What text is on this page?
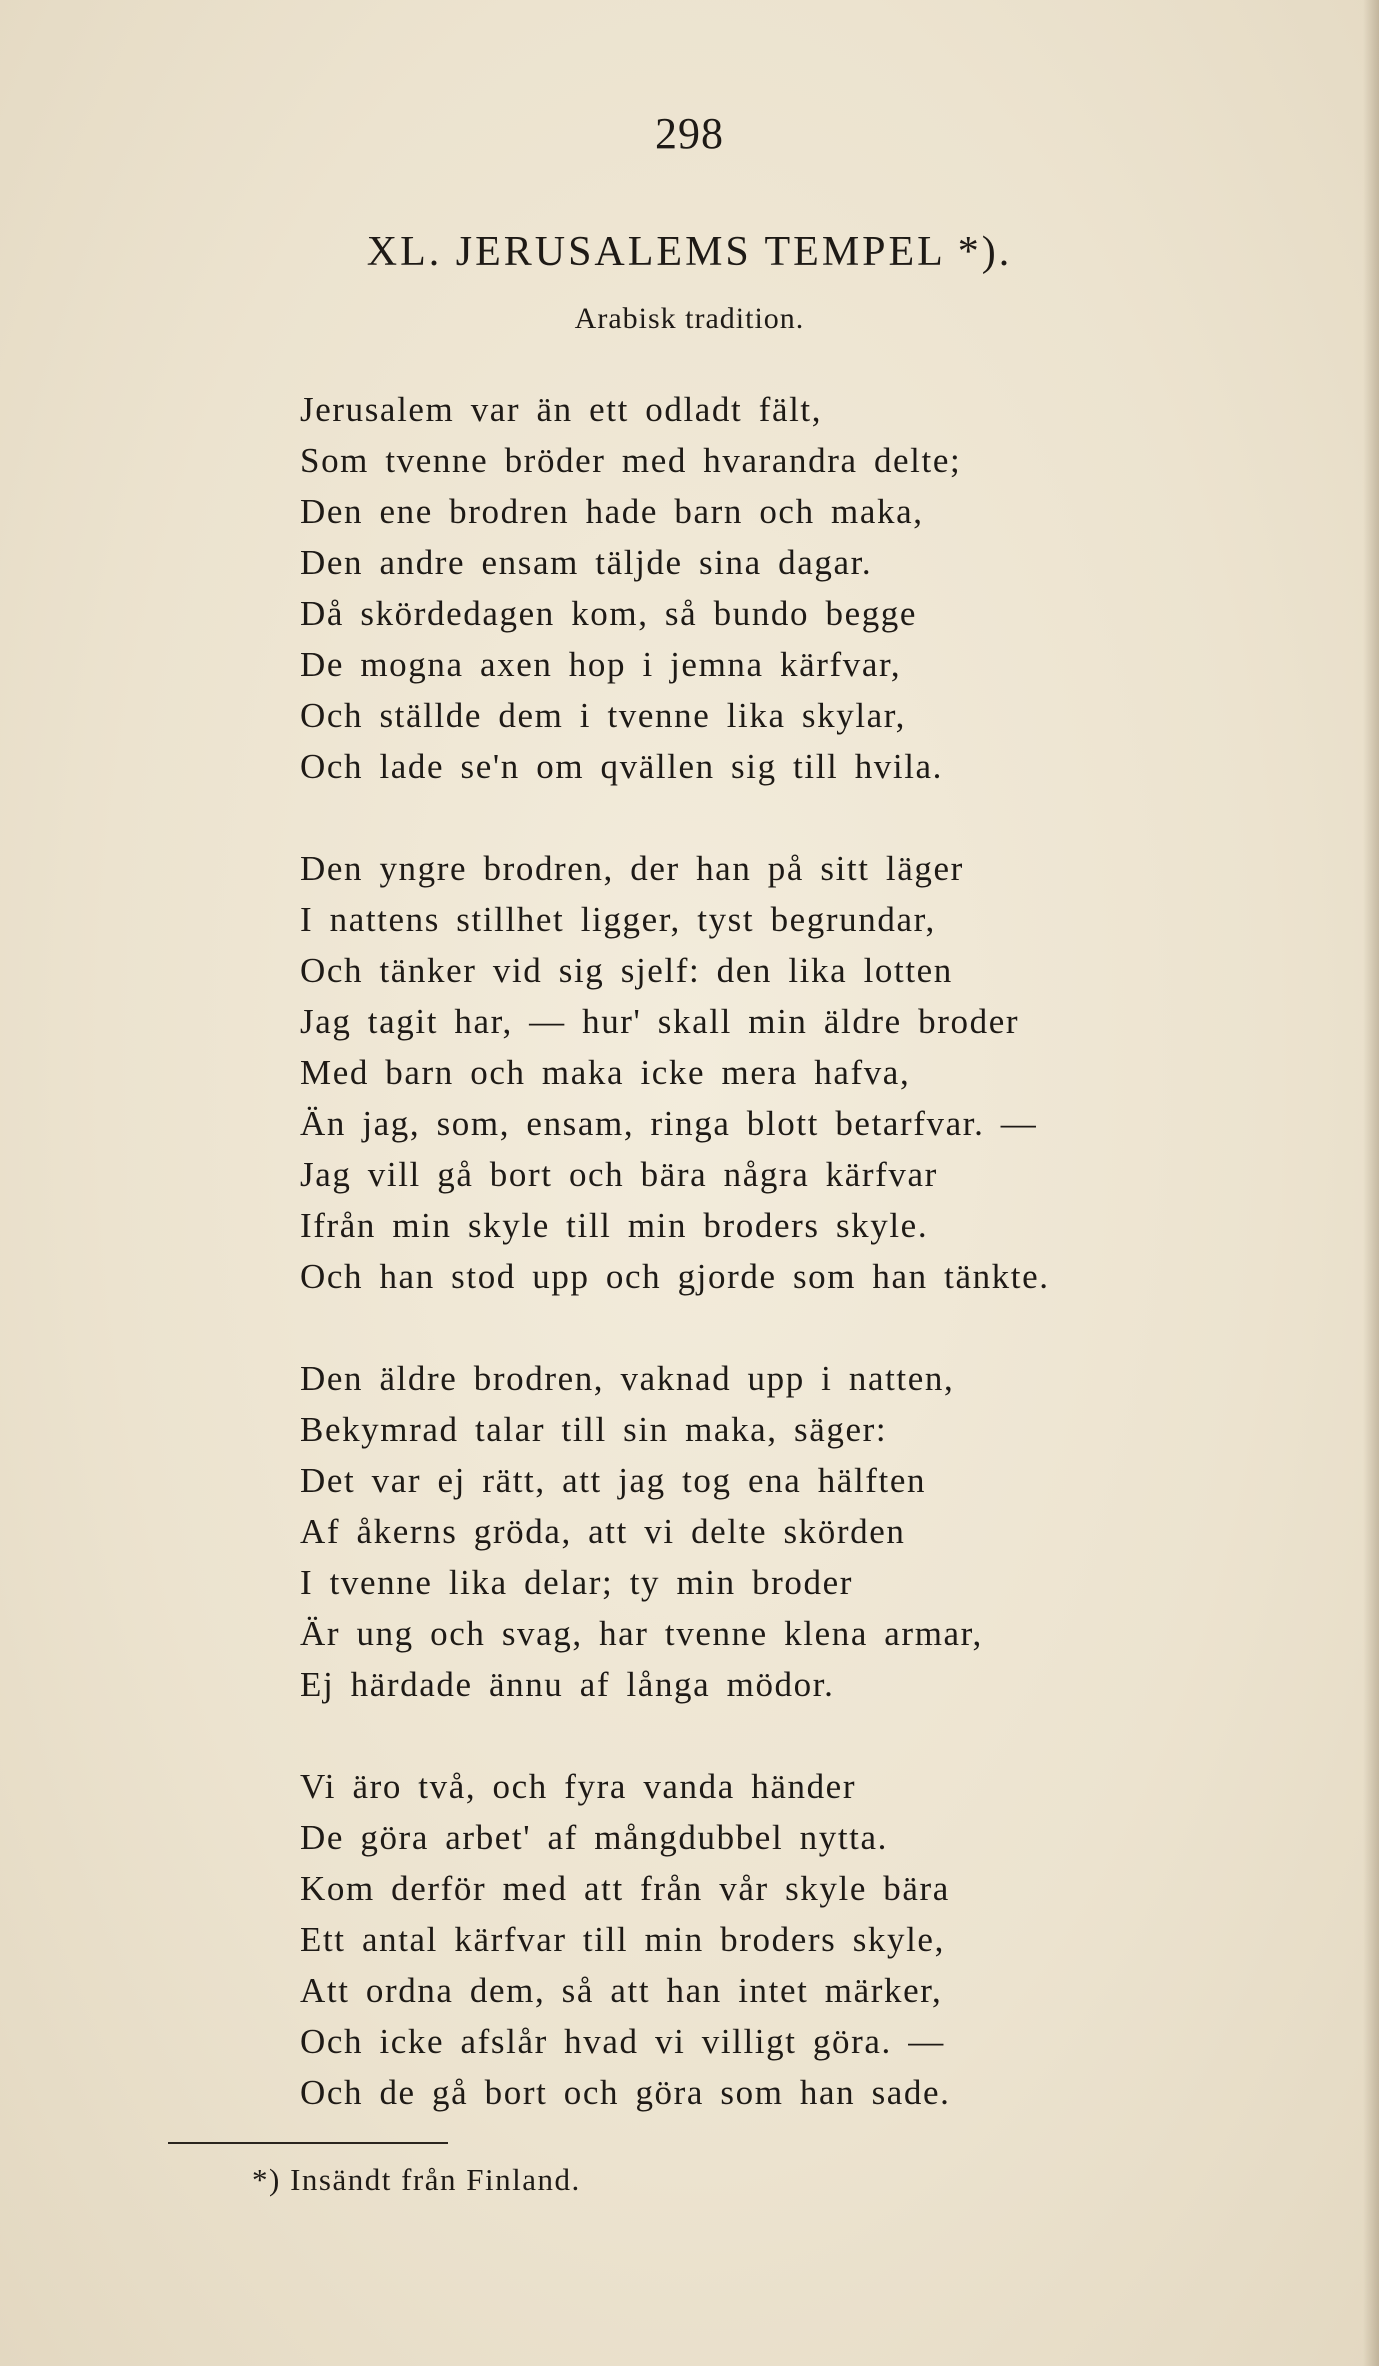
298
XL. JERUSALEMS TEMPEL *).
Arabisk tradition.
Jerusalem var än ett odladt fält,
Som tvenne bröder med hvarandra delte;
Den ene brodren hade barn och maka,
Den andre ensam täljde sina dagar.
Då skördedagen kom, så bundo begge
De mogna axen hop i jemna kärfvar,
Och ställde dem i tvenne lika skylar,
Och lade se'n om qvällen sig till hvila.
Den yngre brodren, der han på sitt läger
I nattens stillhet ligger, tyst begrundar,
Och tänker vid sig sjelf: den lika lotten
Jag tagit har, — hur' skall min äldre broder
Med barn och maka icke mera hafva,
Än jag, som, ensam, ringa blott betarfvar. —
Jag vill gå bort och bära några kärfvar
Ifrån min skyle till min broders skyle.
Och han stod upp och gjorde som han tänkte.
Den äldre brodren, vaknad upp i natten,
Bekymrad talar till sin maka, säger:
Det var ej rätt, att jag tog ena hälften
Af åkerns gröda, att vi delte skörden
I tvenne lika delar; ty min broder
Är ung och svag, har tvenne klena armar,
Ej härdade ännu af långa mödor.
Vi äro två, och fyra vanda händer
De göra arbet' af mångdubbel nytta.
Kom derför med att från vår skyle bära
Ett antal kärfvar till min broders skyle,
Att ordna dem, så att han intet märker,
Och icke afslår hvad vi villigt göra. —
Och de gå bort och göra som han sade.
*) Insändt från Finland.
